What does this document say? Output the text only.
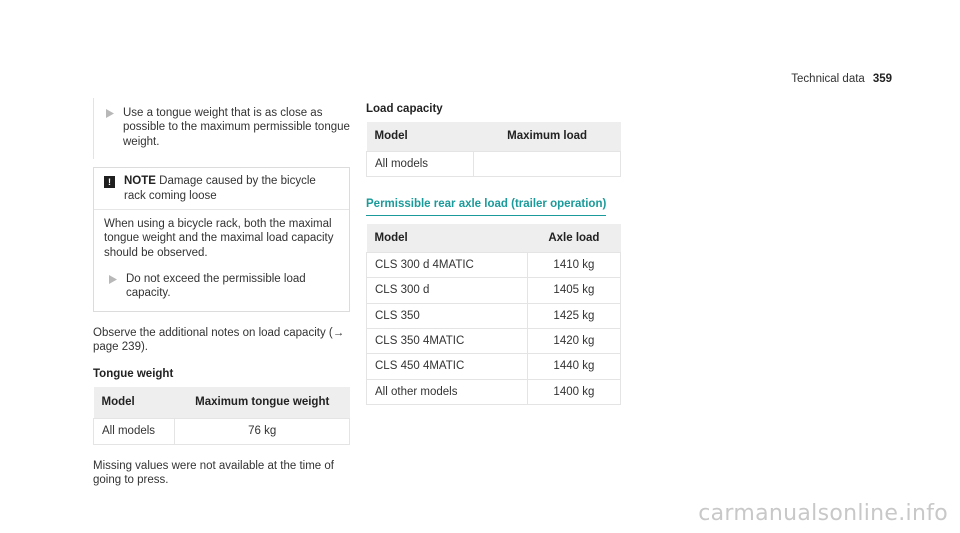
Technical data 359
Use a tongue weight that is as close as possible to the maximum permissible tongue weight.
!	NOTE Damage caused by the bicycle rack coming loose

When using a bicycle rack, both the maximal tongue weight and the maximal load capacity should be observed.

Do not exceed the permissible load capacity.

Observe the additional notes on load capacity (→ page 239).

Tongue weight
Model	Maximum tongue weight
All models	76 kg

Missing values were not available at the time of going to press.

Load capacity
Model	Maximum load
All models	
Permissible rear axle load (trailer operation)
Model	Axle load
CLS 300 d 4MATIC	1410 kg
CLS 300 d	1405 kg
CLS 350	1425 kg
CLS 350 4MATIC	1420 kg
CLS 450 4MATIC	1440 kg
All other models	1400 kg
carmanualsonline.info
